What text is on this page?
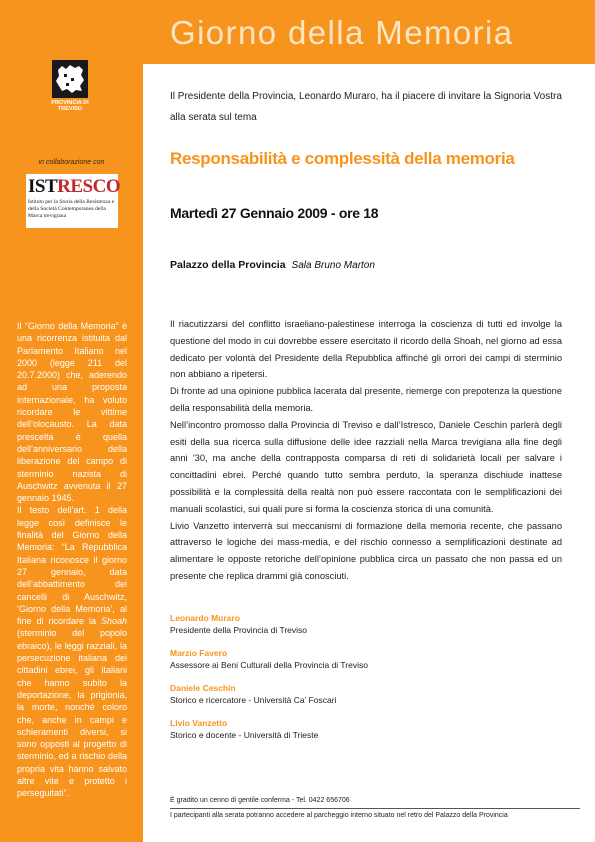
Giorno della Memoria
PROVINCIA DI TREVISO
in collaborazione con
ISTRESCO
Istituto per la Storia della Resistenza e della Società Contemporanea della Marca trevigiana
Il “Giorno della Memoria” è una ricorrenza istituita dal Parlamento Italiano nel 2000 (legge 211 del 20.7.2000) che, aderendo ad una proposta internazionale, ha voluto ricordare le vittime dell’olocausto. La data prescelta è quella dell’anniversario della liberazione del campo di sterminio nazista di Auschwitz avvenuta il 27 gennaio 1945.
Il testo dell’art. 1 della legge così definisce le finalità del Giorno della Memoria: “La Repubblica Italiana riconosce il giorno 27 gennaio, data dell’abbattimento dei cancelli di Auschwitz, ‘Giorno della Memoria’, al fine di ricordare la Shoah (sterminio del popolo ebraico), le leggi razziali, la persecuzione italiana dei cittadini ebrei, gli italiani che hanno subito la deportazione, la prigionia, la morte, nonché coloro che, anche in campi e schieramenti diversi, si sono opposti al progetto di sterminio, ed a rischio della propria vita hanno salvato altre vite e protetto i perseguitati”.
Il Presidente della Provincia, Leonardo Muraro, ha il piacere di invitare la Signoria Vostra alla serata sul tema
Responsabilità e complessità della memoria
Martedì 27 Gennaio 2009 - ore 18
Palazzo della Provincia Sala Bruno Marton

Il riacutizzarsi del conflitto israeliano-palestinese interroga la coscienza di tutti ed involge la questione del modo in cui dovrebbe essere esercitato il ricordo della Shoah, nel giorno ad essa dedicato per volontà del Presidente della Repubblica affinché gli orrori dei campi di sterminio non abbiano a ripetersi.

Di fronte ad una opinione pubblica lacerata dal presente, riemerge con prepotenza la questione della responsabilità della memoria.

Nell’incontro promosso dalla Provincia di Treviso e dall’Istresco, Daniele Ceschin parlerà degli esiti della sua ricerca sulla diffusione delle idee razziali nella Marca trevigiana alla fine degli anni ’30, ma anche della contrapposta comparsa di reti di solidarietà locali per salvare i concittadini ebrei. Perché quando tutto sembra perduto, la speranza dischiude inattese possibilità e la complessità della realtà non può essere raccontata con le semplificazioni dei manuali scolastici, sui quali pure si forma la coscienza storica di una comunità.

Livio Vanzetto interverrà sui meccanismi di formazione della memoria recente, che passano attraverso le logiche dei mass-media, e del rischio connesso a semplificazioni destinate ad alimentare le opposte retoriche dell’opinione pubblica circa un passato che non passa ed un presente che replica drammi già conosciuti.

Leonardo Muraro
Presidente della Provincia di Treviso
Marzio Favero
Assessore ai Beni Culturali della Provincia di Treviso
Daniele Ceschin
Storico e ricercatore - Università Ca’ Foscari
Livio Vanzetto
Storico e docente - Università di Trieste
È gradito un cenno di gentile conferma - Tel. 0422 656706
I partecipanti alla serata potranno accedere al parcheggio interno situato nel retro del Palazzo della Provincia
